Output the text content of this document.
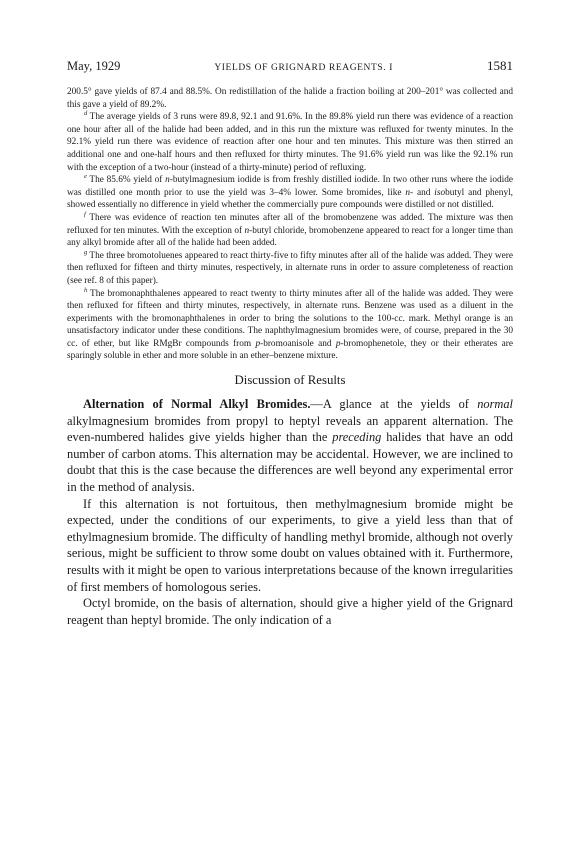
May, 1929	YIELDS OF GRIGNARD REAGENTS. I	1581

200.5° gave yields of 87.4 and 88.5%. On redistillation of the halide a fraction boiling at 200–201° was collected and this gave a yield of 89.2%.

$^d$ The average yields of 3 runs were 89.8, 92.1 and 91.6%. In the 89.8% yield run there was evidence of a reaction one hour after all of the halide had been added, and in this run the mixture was refluxed for twenty minutes. In the 92.1% yield run there was evidence of reaction after one hour and ten minutes. This mixture was then stirred an additional one and one-half hours and then refluxed for thirty minutes. The 91.6% yield run was like the 92.1% run with the exception of a two-hour (instead of a thirty-minute) period of refluxing.

$^e$ The 85.6% yield of n-butylmagnesium iodide is from freshly distilled iodide. In two other runs where the iodide was distilled one month prior to use the yield was 3–4% lower. Some bromides, like n- and isobutyl and phenyl, showed essentially no difference in yield whether the commercially pure compounds were distilled or not distilled.

$^f$ There was evidence of reaction ten minutes after all of the bromobenzene was added. The mixture was then refluxed for ten minutes. With the exception of n-butyl chloride, bromobenzene appeared to react for a longer time than any alkyl bromide after all of the halide had been added.

$^g$ The three bromotoluenes appeared to react thirty-five to fifty minutes after all of the halide was added. They were then refluxed for fifteen and thirty minutes, respectively, in alternate runs in order to assure completeness of reaction (see ref. 8 of this paper).

$^h$ The bromonaphthalenes appeared to react twenty to thirty minutes after all of the halide was added. They were then refluxed for fifteen and thirty minutes, respectively, in alternate runs. Benzene was used as a diluent in the experiments with the bromonaphthalenes in order to bring the solutions to the 100-cc. mark. Methyl orange is an unsatisfactory indicator under these conditions. The naphthylmagnesium bromides were, of course, prepared in the 30 cc. of ether, but like RMgBr compounds from p-bromoanisole and p-bromophenetole, they or their etherates are sparingly soluble in ether and more soluble in an ether–benzene mixture.

Discussion of Results

Alternation of Normal Alkyl Bromides.—A glance at the yields of normal alkylmagnesium bromides from propyl to heptyl reveals an apparent alternation. The even-numbered halides give yields higher than the preceding halides that have an odd number of carbon atoms. This alternation may be accidental. However, we are inclined to doubt that this is the case because the differences are well beyond any experimental error in the method of analysis.

If this alternation is not fortuitous, then methylmagnesium bromide might be expected, under the conditions of our experiments, to give a yield less than that of ethylmagnesium bromide. The difficulty of handling methyl bromide, although not overly serious, might be sufficient to throw some doubt on values obtained with it. Furthermore, results with it might be open to various interpretations because of the known irregularities of first members of homologous series.

Octyl bromide, on the basis of alternation, should give a higher yield of the Grignard reagent than heptyl bromide. The only indication of a
